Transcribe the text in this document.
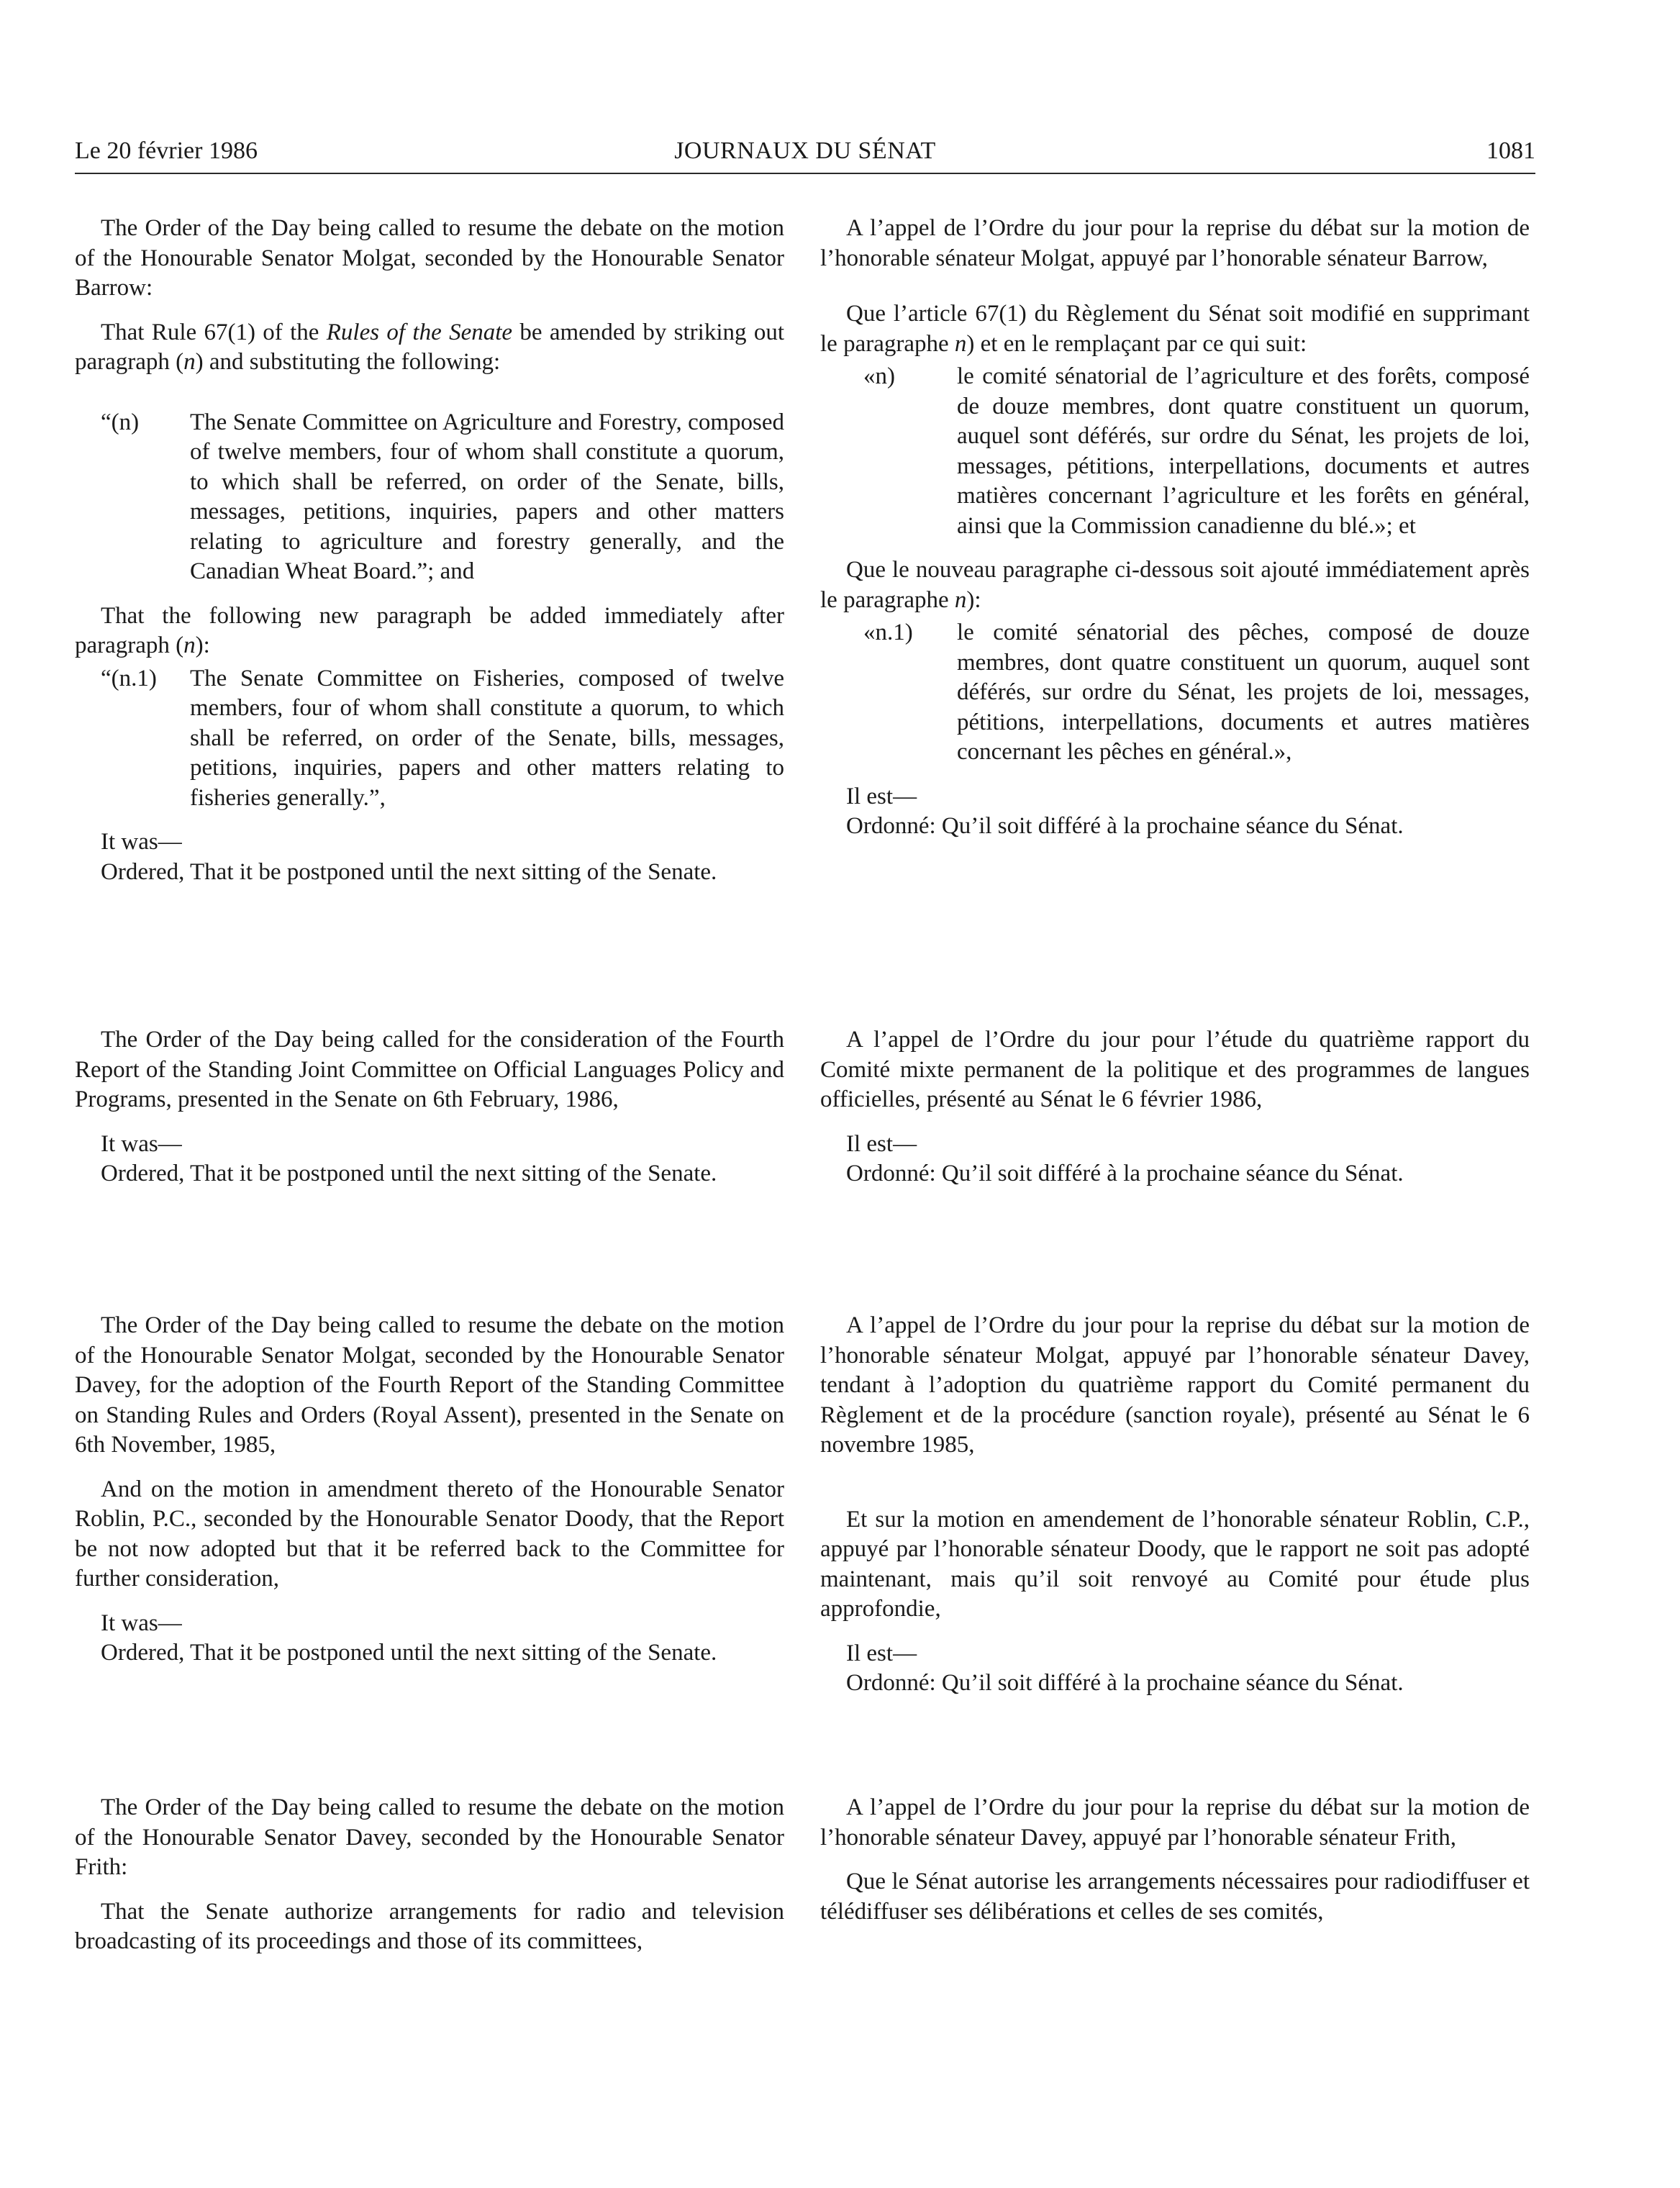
JOURNAUX DU SÉNAT
Le 20 février 1986	1081

The Order of the Day being called to resume the debate on the motion of the Honourable Senator Molgat, seconded by the Honourable Senator Barrow:

That Rule 67(1) of the Rules of the Senate be amended by striking out paragraph (n) and substituting the following:

“(n)	The Senate Committee on Agriculture and Forestry, composed of twelve members, four of whom shall constitute a quorum, to which shall be referred, on order of the Senate, bills, messages, petitions, inquiries, papers and other matters relating to agriculture and forestry generally, and the Canadian Wheat Board.”; and

That the following new paragraph be added immediately after paragraph (n):

“(n.1)	The Senate Committee on Fisheries, composed of twelve members, four of whom shall constitute a quorum, to which shall be referred, on order of the Senate, bills, messages, petitions, inquiries, papers and other matters relating to fisheries generally.”,

It was—

Ordered, That it be postponed until the next sitting of the Senate.

A l’appel de l’Ordre du jour pour la reprise du débat sur la motion de l’honorable sénateur Molgat, appuyé par l’honorable sénateur Barrow,

Que l’article 67(1) du Règlement du Sénat soit modifié en supprimant le paragraphe n) et en le remplaçant par ce qui suit:

«n)	le comité sénatorial de l’agriculture et des forêts, composé de douze membres, dont quatre constituent un quorum, auquel sont déférés, sur ordre du Sénat, les projets de loi, messages, pétitions, interpellations, documents et autres matières concernant l’agriculture et les forêts en général, ainsi que la Commission canadienne du blé.»; et

Que le nouveau paragraphe ci-dessous soit ajouté immédiatement après le paragraphe n):

«n.1)	le comité sénatorial des pêches, composé de douze membres, dont quatre constituent un quorum, auquel sont déférés, sur ordre du Sénat, les projets de loi, messages, pétitions, interpellations, documents et autres matières concernant les pêches en général.»,

Il est—

Ordonné: Qu’il soit différé à la prochaine séance du Sénat.

The Order of the Day being called for the consideration of the Fourth Report of the Standing Joint Committee on Official Languages Policy and Programs, presented in the Senate on 6th February, 1986,

It was—

Ordered, That it be postponed until the next sitting of the Senate.

A l’appel de l’Ordre du jour pour l’étude du quatrième rapport du Comité mixte permanent de la politique et des programmes de langues officielles, présenté au Sénat le 6 février 1986,

Il est—

Ordonné: Qu’il soit différé à la prochaine séance du Sénat.

The Order of the Day being called to resume the debate on the motion of the Honourable Senator Molgat, seconded by the Honourable Senator Davey, for the adoption of the Fourth Report of the Standing Committee on Standing Rules and Orders (Royal Assent), presented in the Senate on 6th November, 1985,

And on the motion in amendment thereto of the Honourable Senator Roblin, P.C., seconded by the Honourable Senator Doody, that the Report be not now adopted but that it be referred back to the Committee for further consideration,

It was—

Ordered, That it be postponed until the next sitting of the Senate.

A l’appel de l’Ordre du jour pour la reprise du débat sur la motion de l’honorable sénateur Molgat, appuyé par l’honorable sénateur Davey, tendant à l’adoption du quatrième rapport du Comité permanent du Règlement et de la procédure (sanction royale), présenté au Sénat le 6 novembre 1985,

Et sur la motion en amendement de l’honorable sénateur Roblin, C.P., appuyé par l’honorable sénateur Doody, que le rapport ne soit pas adopté maintenant, mais qu’il soit renvoyé au Comité pour étude plus approfondie,

Il est—

Ordonné: Qu’il soit différé à la prochaine séance du Sénat.

The Order of the Day being called to resume the debate on the motion of the Honourable Senator Davey, seconded by the Honourable Senator Frith:

That the Senate authorize arrangements for radio and television broadcasting of its proceedings and those of its committees,

A l’appel de l’Ordre du jour pour la reprise du débat sur la motion de l’honorable sénateur Davey, appuyé par l’honorable sénateur Frith,

Que le Sénat autorise les arrangements nécessaires pour radiodiffuser et télédiffuser ses délibérations et celles de ses comités,
